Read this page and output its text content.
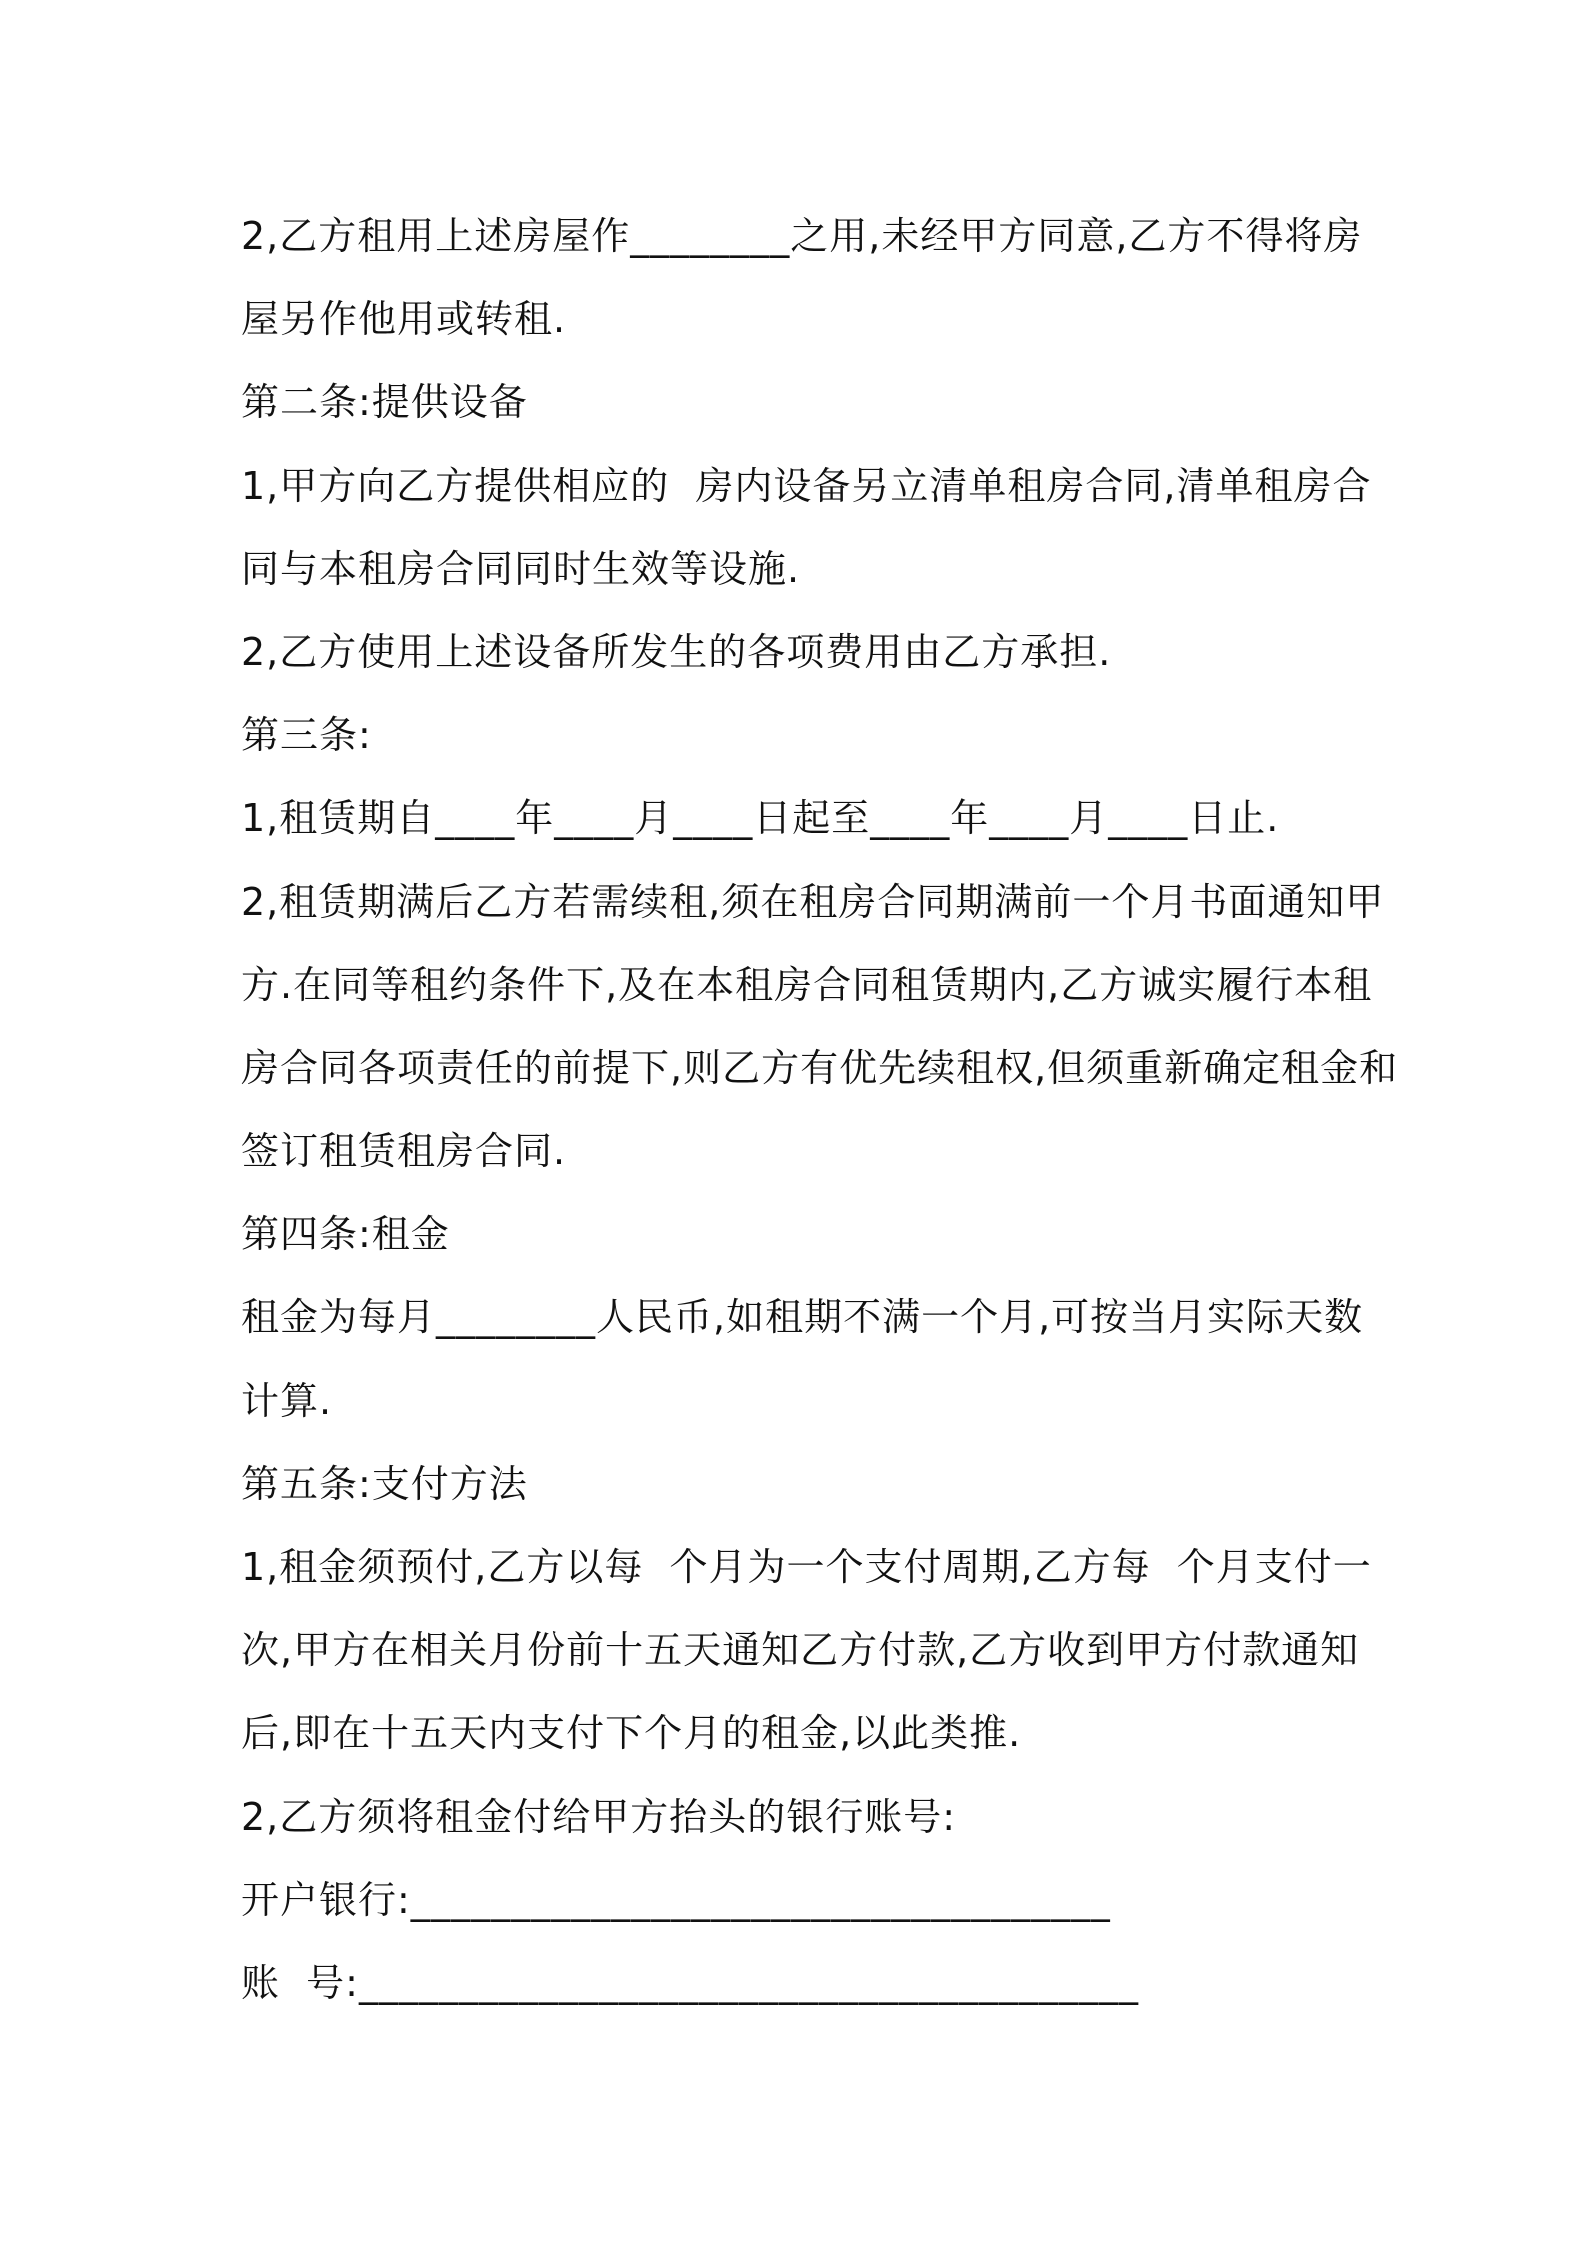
2,乙方租用上述房屋作________之用,未经甲方同意,乙方不得将房
屋另作他用或转租.
第二条:提供设备
1,甲方向乙方提供相应的  房内设备另立清单租房合同,清单租房合
同与本租房合同同时生效等设施.
2,乙方使用上述设备所发生的各项费用由乙方承担.
第三条:
1,租赁期自____年____月____日起至____年____月____日止.
2,租赁期满后乙方若需续租,须在租房合同期满前一个月书面通知甲
方.在同等租约条件下,及在本租房合同租赁期内,乙方诚实履行本租
房合同各项责任的前提下,则乙方有优先续租权,但须重新确定租金和
签订租赁租房合同.
第四条:租金
租金为每月________人民币,如租期不满一个月,可按当月实际天数
计算.
第五条:支付方法
1,租金须预付,乙方以每  个月为一个支付周期,乙方每  个月支付一
次,甲方在相关月份前十五天通知乙方付款,乙方收到甲方付款通知
后,即在十五天内支付下个月的租金,以此类推.
2,乙方须将租金付给甲方抬头的银行账号:
开户银行:___________________________________
账  号:_______________________________________
